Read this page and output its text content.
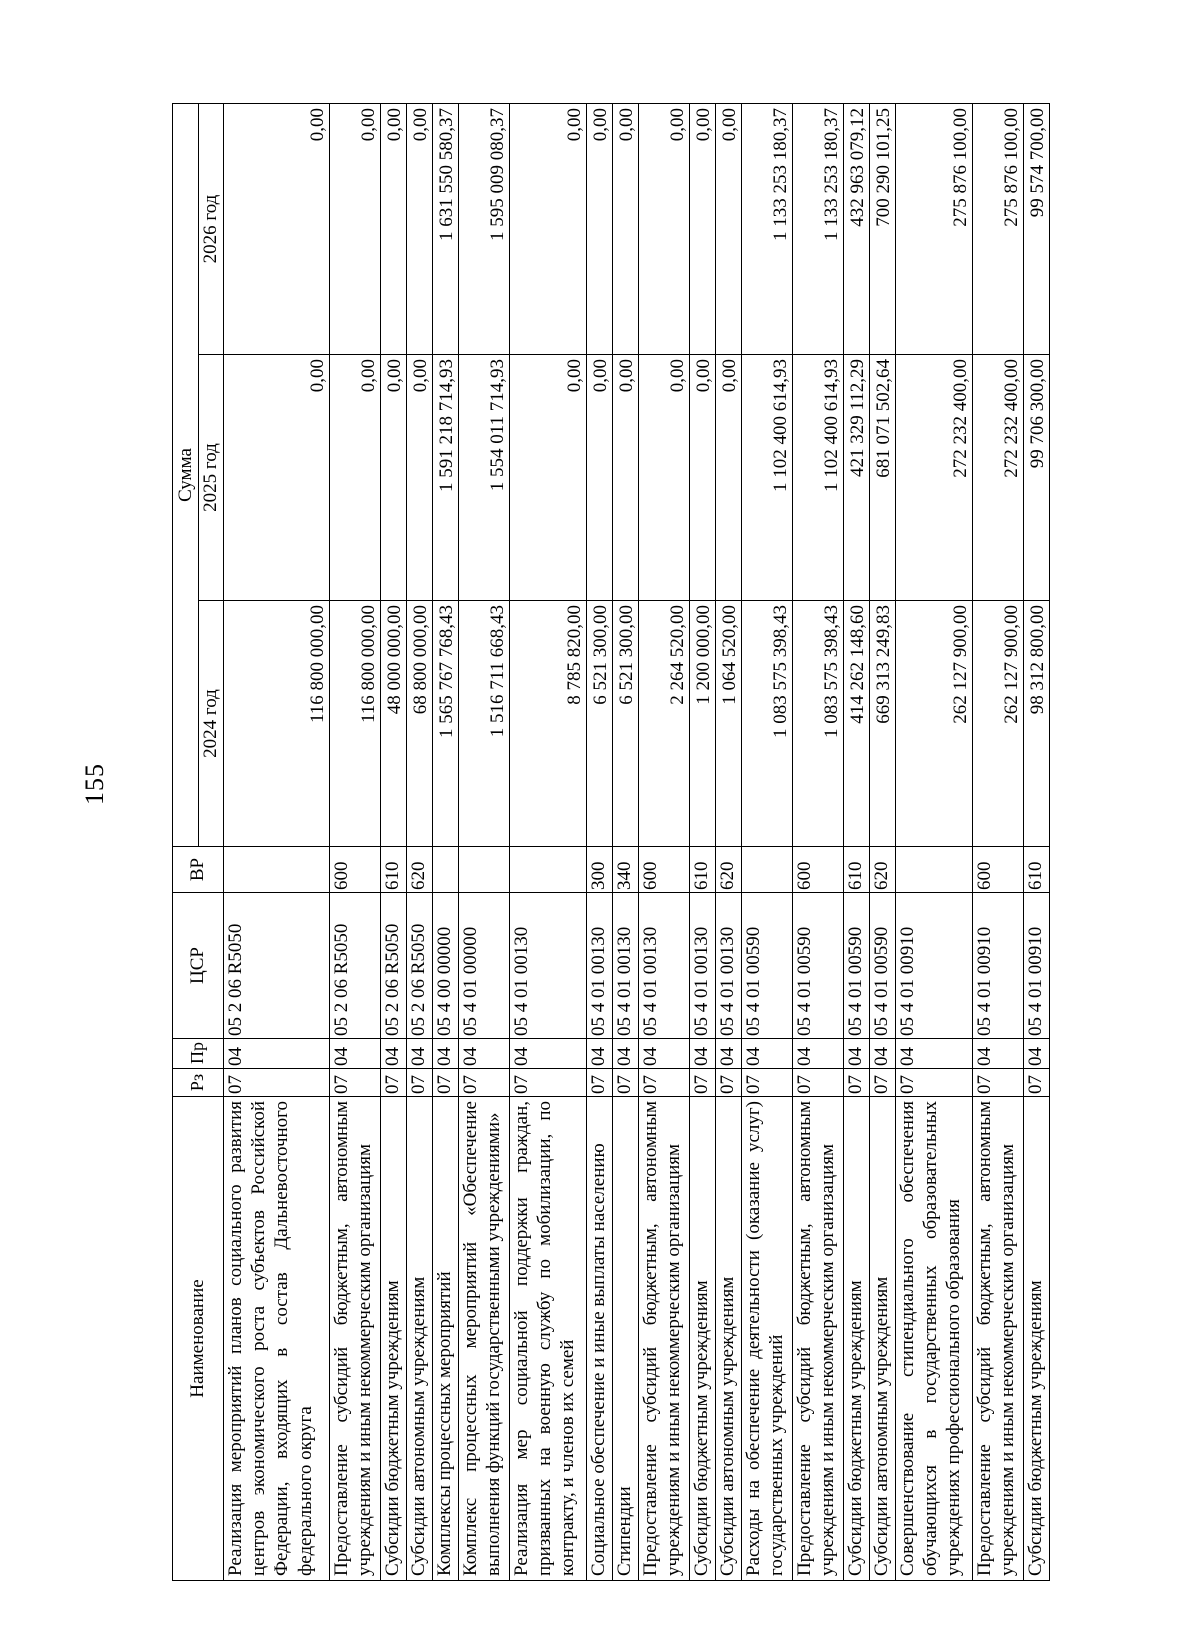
155
Наименование	Рз	Пр	ЦСР	ВР	Сумма		
					2024 год	2025 год	2026 год
Реализация мероприятий планов социального развития центров экономического роста субъектов Российской Федерации, входящих в состав Дальневосточного федерального округа	07	04	05 2 06 R5050		116 800 000,00	0,00	0,00
Предоставление субсидий бюджетным, автономным учреждениям и иным некоммерческим организациям	07	04	05 2 06 R5050	600	116 800 000,00	0,00	0,00
Субсидии бюджетным учреждениям	07	04	05 2 06 R5050	610	48 000 000,00	0,00	0,00
Субсидии автономным учреждениям	07	04	05 2 06 R5050	620	68 800 000,00	0,00	0,00
Комплексы процессных мероприятий	07	04	05 4 00 00000		1 565 767 768,43	1 591 218 714,93	1 631 550 580,37
Комплекс процессных мероприятий «Обеспечение выполнения функций государственными учреждениями»	07	04	05 4 01 00000		1 516 711 668,43	1 554 011 714,93	1 595 009 080,37
Реализация мер социальной поддержки граждан, призванных на военную службу по мобилизации, по контракту, и членов их семей	07	04	05 4 01 00130		8 785 820,00	0,00	0,00
Социальное обеспечение и иные выплаты населению	07	04	05 4 01 00130	300	6 521 300,00	0,00	0,00
Стипендии	07	04	05 4 01 00130	340	6 521 300,00	0,00	0,00
Предоставление субсидий бюджетным, автономным учреждениям и иным некоммерческим организациям	07	04	05 4 01 00130	600	2 264 520,00	0,00	0,00
Субсидии бюджетным учреждениям	07	04	05 4 01 00130	610	1 200 000,00	0,00	0,00
Субсидии автономным учреждениям	07	04	05 4 01 00130	620	1 064 520,00	0,00	0,00
Расходы на обеспечение деятельности (оказание услуг) государственных учреждений	07	04	05 4 01 00590		1 083 575 398,43	1 102 400 614,93	1 133 253 180,37
Предоставление субсидий бюджетным, автономным учреждениям и иным некоммерческим организациям	07	04	05 4 01 00590	600	1 083 575 398,43	1 102 400 614,93	1 133 253 180,37
Субсидии бюджетным учреждениям	07	04	05 4 01 00590	610	414 262 148,60	421 329 112,29	432 963 079,12
Субсидии автономным учреждениям	07	04	05 4 01 00590	620	669 313 249,83	681 071 502,64	700 290 101,25
Совершенствование стипендиального обеспечения обучающихся в государственных образовательных учреждениях профессионального образования	07	04	05 4 01 00910		262 127 900,00	272 232 400,00	275 876 100,00
Предоставление субсидий бюджетным, автономным учреждениям и иным некоммерческим организациям	07	04	05 4 01 00910	600	262 127 900,00	272 232 400,00	275 876 100,00
Субсидии бюджетным учреждениям	07	04	05 4 01 00910	610	98 312 800,00	99 706 300,00	99 574 700,00
